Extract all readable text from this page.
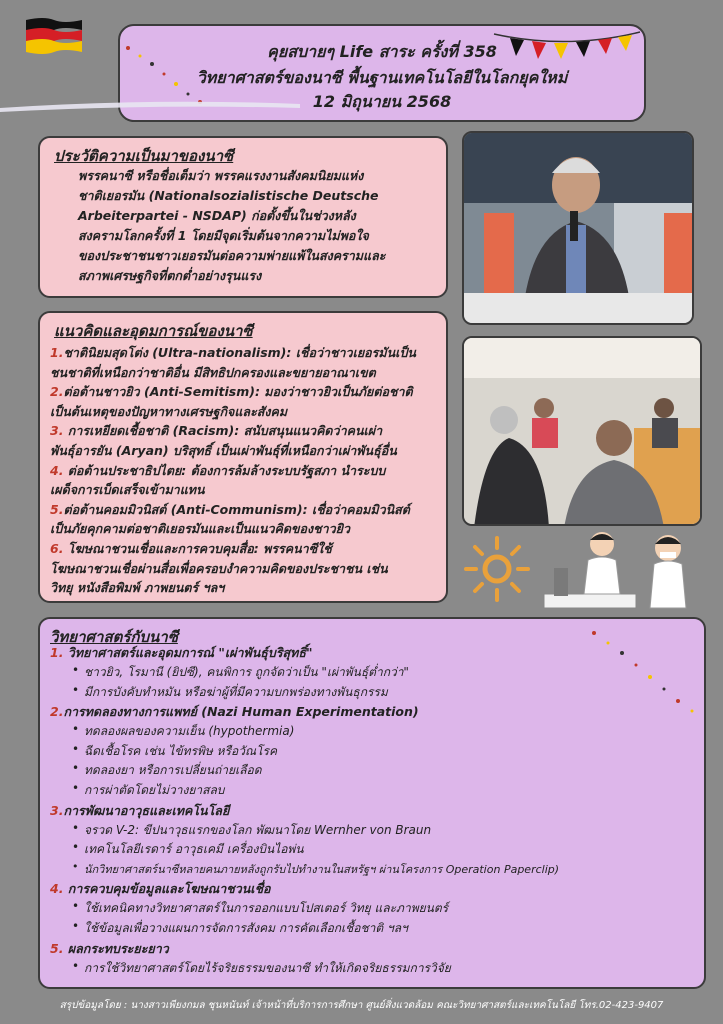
คุยสบายๆ Life สาระ ครั้งที่ 358
วิทยาศาสตร์ของนาซี พื้นฐานเทคโนโลยีในโลกยุคใหม่
12 มิถุนายน 2568
ประวัติความเป็นมาของนาซี
พรรคนาซี หรือชื่อเต็มว่า พรรคแรงงานสังคมนิยมแห่ง
ชาติเยอรมัน (Nationalsozialistische Deutsche
Arbeiterpartei - NSDAP) ก่อตั้งขึ้นในช่วงหลัง
สงครามโลกครั้งที่ 1 โดยมีจุดเริ่มต้นจากความไม่พอใจ
ของประชาชนชาวเยอรมันต่อความพ่ายแพ้ในสงครามและ
สภาพเศรษฐกิจที่ตกต่ำอย่างรุนแรง
แนวคิดและอุดมการณ์ของนาซี
1.ชาตินิยมสุดโต่ง (Ultra-nationalism): เชื่อว่าชาวเยอรมันเป็น
ชนชาติที่เหนือกว่าชาติอื่น มีสิทธิปกครองและขยายอาณาเขต
2.ต่อต้านชาวยิว (Anti-Semitism): มองว่าชาวยิวเป็นภัยต่อชาติ
เป็นต้นเหตุของปัญหาทางเศรษฐกิจและสังคม
3. การเหยียดเชื้อชาติ (Racism): สนับสนุนแนวคิดว่าคนเผ่า
พันธุ์อารยัน (Aryan) บริสุทธิ์ เป็นเผ่าพันธุ์ที่เหนือกว่าเผ่าพันธุ์อื่น
4. ต่อต้านประชาธิปไตย: ต้องการล้มล้างระบบรัฐสภา นำระบบ
เผด็จการเบ็ดเสร็จเข้ามาแทน
5.ต่อต้านคอมมิวนิสต์ (Anti-Communism): เชื่อว่าคอมมิวนิสต์
เป็นภัยคุกคามต่อชาติเยอรมันและเป็นแนวคิดของชาวยิว
6. โฆษณาชวนเชื่อและการควบคุมสื่อ: พรรคนาซีใช้
โฆษณาชวนเชื่อผ่านสื่อเพื่อครอบงำความคิดของประชาชน เช่น
วิทยุ หนังสือพิมพ์ ภาพยนตร์ ฯลฯ
วิทยาศาสตร์กับนาซี
1. วิทยาศาสตร์และอุดมการณ์ "เผ่าพันธุ์บริสุทธิ์"
• ชาวยิว, โรมานี (ยิปซี), คนพิการ ถูกจัดว่าเป็น "เผ่าพันธุ์ต่ำกว่า"
• มีการบังคับทำหมัน หรือฆ่าผู้ที่มีความบกพร่องทางพันธุกรรม
2.การทดลองทางการแพทย์ (Nazi Human Experimentation)
• ทดลองผลของความเย็น (hypothermia)
• ฉีดเชื้อโรค เช่น ไข้ทรพิษ หรือวัณโรค
• ทดลองยา หรือการเปลี่ยนถ่ายเลือด
• การผ่าตัดโดยไม่วางยาสลบ
3.การพัฒนาอาวุธและเทคโนโลยี
• จรวด V-2: ขีปนาวุธแรกของโลก พัฒนาโดย Wernher von Braun
• เทคโนโลยีเรดาร์ อาวุธเคมี เครื่องบินไอพ่น
• นักวิทยาศาสตร์นาซีหลายคนภายหลังถูกรับไปทำงานในสหรัฐฯ ผ่านโครงการ Operation Paperclip)
4. การควบคุมข้อมูลและโฆษณาชวนเชื่อ
• ใช้เทคนิคทางวิทยาศาสตร์ในการออกแบบโปสเตอร์ วิทยุ และภาพยนตร์
• ใช้ข้อมูลเพื่อวางแผนการจัดการสังคม การคัดเลือกเชื้อชาติ ฯลฯ
5. ผลกระทบระยะยาว
• การใช้วิทยาศาสตร์โดยไร้จริยธรรมของนาซี ทำให้เกิดจริยธรรมการวิจัย
สรุปข้อมูลโดย : นางสาวเพียงกมล ชุนหนันท์ เจ้าหน้าที่บริการการศึกษา ศูนย์สิ่งแวดล้อม คณะวิทยาศาสตร์และเทคโนโลยี โทร.02-423-9407
